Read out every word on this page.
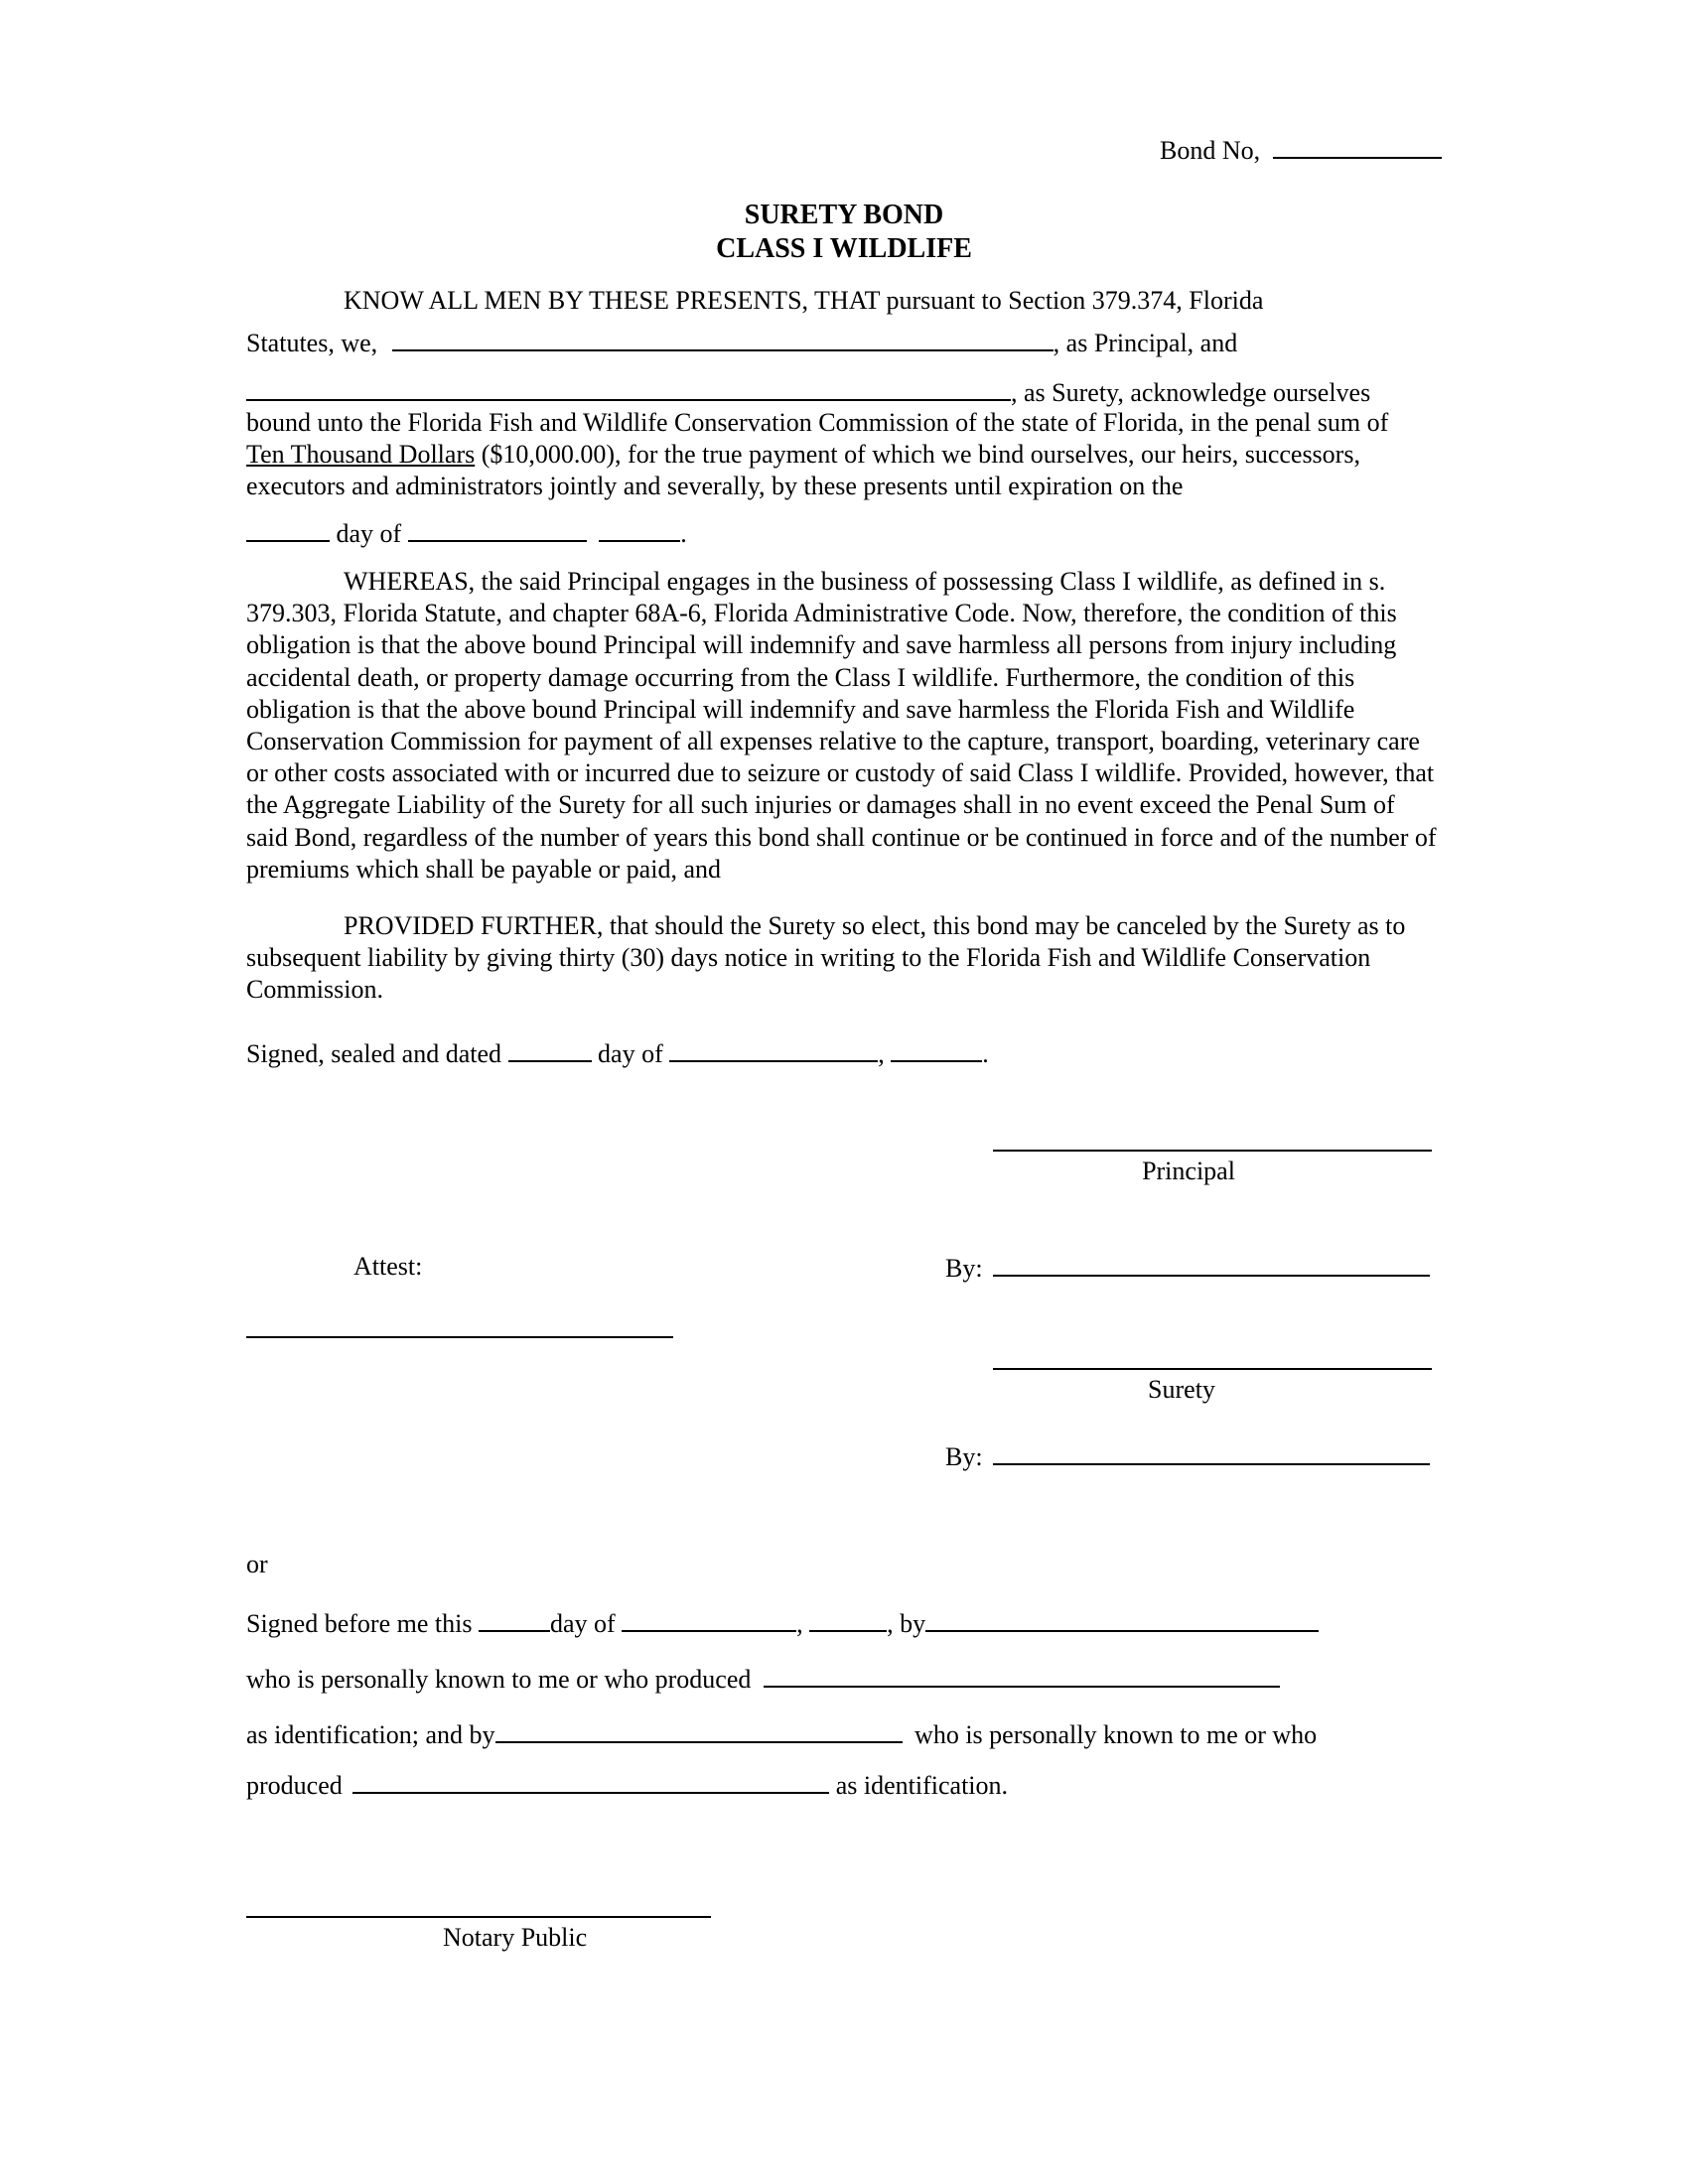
Bond No,
SURETY BOND
CLASS I WILDLIFE
KNOW ALL MEN BY THESE PRESENTS, THAT pursuant to Section 379.374, Florida
Statutes, we,	, as Principal, and
, as Surety, acknowledge ourselves
bound unto the Florida Fish and Wildlife Conservation Commission of the state of Florida, in the penal sum of Ten Thousand Dollars ($10,000.00), for the true payment of which we bind ourselves, our heirs, successors, executors and administrators jointly and severally, by these presents until expiration on the
day of	.
WHEREAS, the said Principal engages in the business of possessing Class I wildlife, as defined in s. 379.303, Florida Statute, and chapter 68A-6, Florida Administrative Code. Now, therefore, the condition of this obligation is that the above bound Principal will indemnify and save harmless all persons from injury including accidental death, or property damage occurring from the Class I wildlife. Furthermore, the condition of this obligation is that the above bound Principal will indemnify and save harmless the Florida Fish and Wildlife Conservation Commission for payment of all expenses relative to the capture, transport, boarding, veterinary care or other costs associated with or incurred due to seizure or custody of said Class I wildlife. Provided, however, that the Aggregate Liability of the Surety for all such injuries or damages shall in no event exceed the Penal Sum of said Bond, regardless of the number of years this bond shall continue or be continued in force and of the number of premiums which shall be payable or paid, and
PROVIDED FURTHER, that should the Surety so elect, this bond may be canceled by the Surety as to subsequent liability by giving thirty (30) days notice in writing to the Florida Fish and Wildlife Conservation Commission.
Signed, sealed and dated	day of	,	.
Principal
Attest:	By:
Surety
By:
or
Signed before me this	day of	,	, by
who is personally known to me or who produced
as identification; and by	who is personally known to me or who
produced	as identification.
Notary Public
